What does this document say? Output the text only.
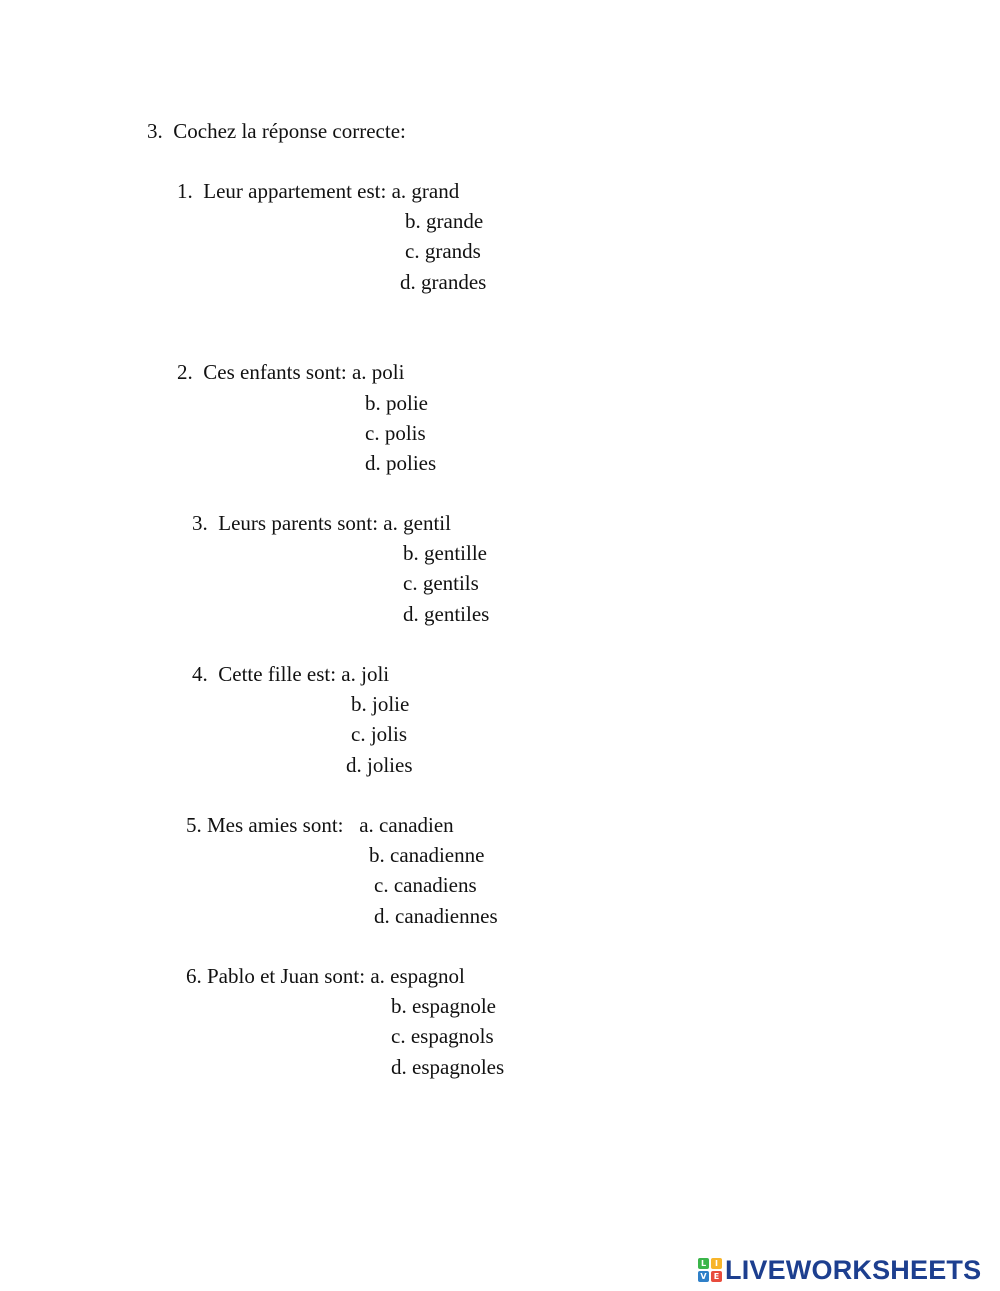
3.  Cochez la réponse correcte:
1.  Leur appartement est: a. grand
b. grande
c. grands
d. grandes
2.  Ces enfants sont: a. poli
b. polie
c. polis
d. polies
3.  Leurs parents sont: a. gentil
b. gentille
c. gentils
d. gentiles
4.  Cette fille est: a. joli
b. jolie
c. jolis
d. jolies
5. Mes amies sont:   a. canadien
b. canadienne
c. canadiens
d. canadiennes
6. Pablo et Juan sont: a. espagnol
b. espagnole
c. espagnols
d. espagnoles
L	I
V E LIVEWORKSHEETS
